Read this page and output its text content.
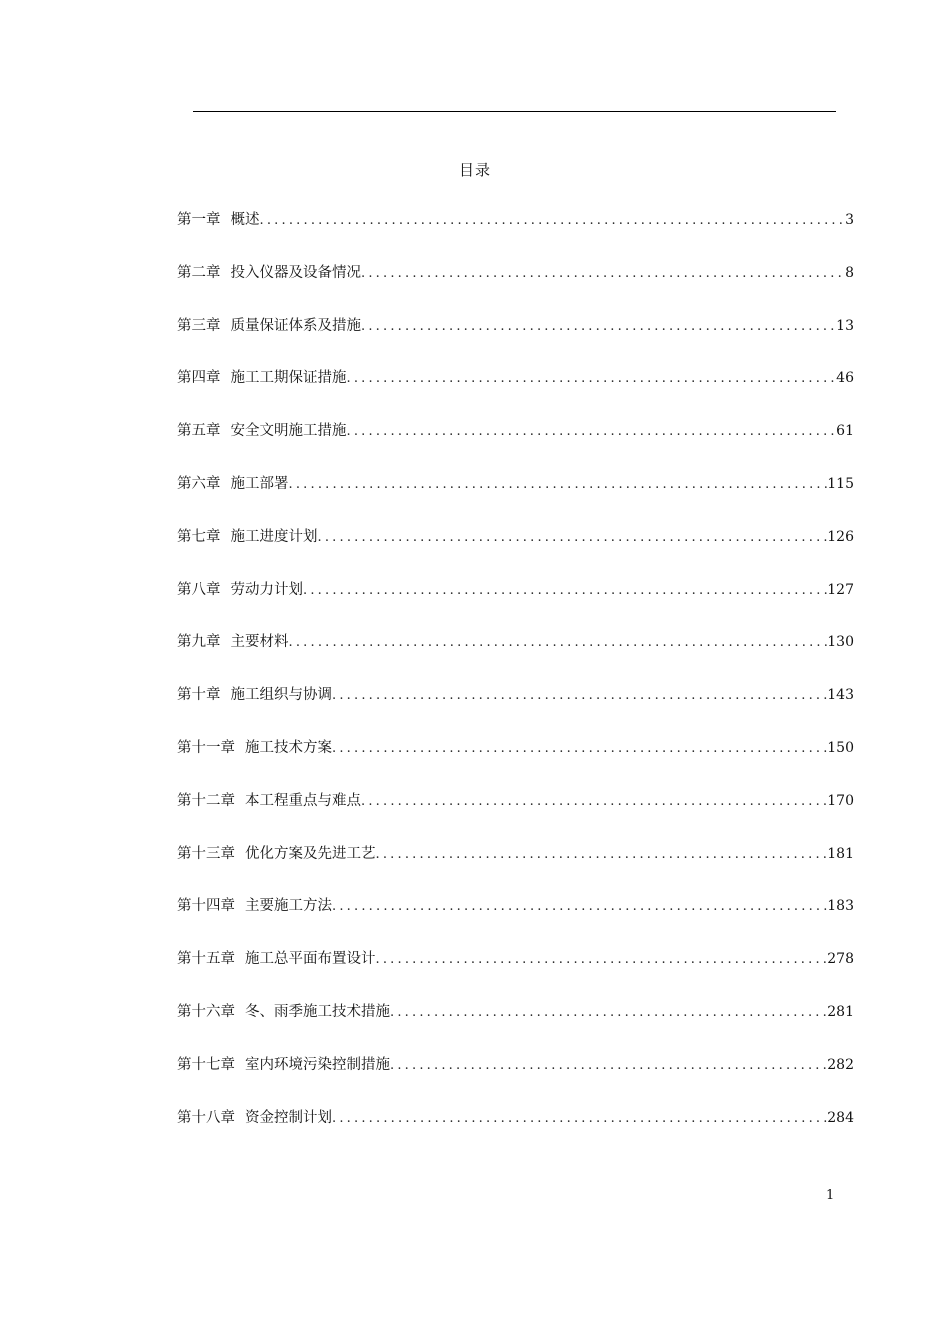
目录
第一章 概述 .....	3
第二章 投入仪器及设备情况 .....	8
第三章 质量保证体系及措施 .....	13
第四章 施工工期保证措施 .....	46
第五章 安全文明施工措施 .....	61
第六章 施工部署 .....	115
第七章 施工进度计划 .....	126
第八章 劳动力计划 .....	127
第九章 主要材料 .....	130
第十章 施工组织与协调 .....	143
第十一章 施工技术方案 .....	150
第十二章 本工程重点与难点 .....	170
第十三章 优化方案及先进工艺 .....	181
第十四章 主要施工方法 .....	183
第十五章 施工总平面布置设计 .....	278
第十六章 冬、雨季施工技术措施 .....	281
第十七章 室内环境污染控制措施 .....	282
第十八章 资金控制计划 .....	284
1
